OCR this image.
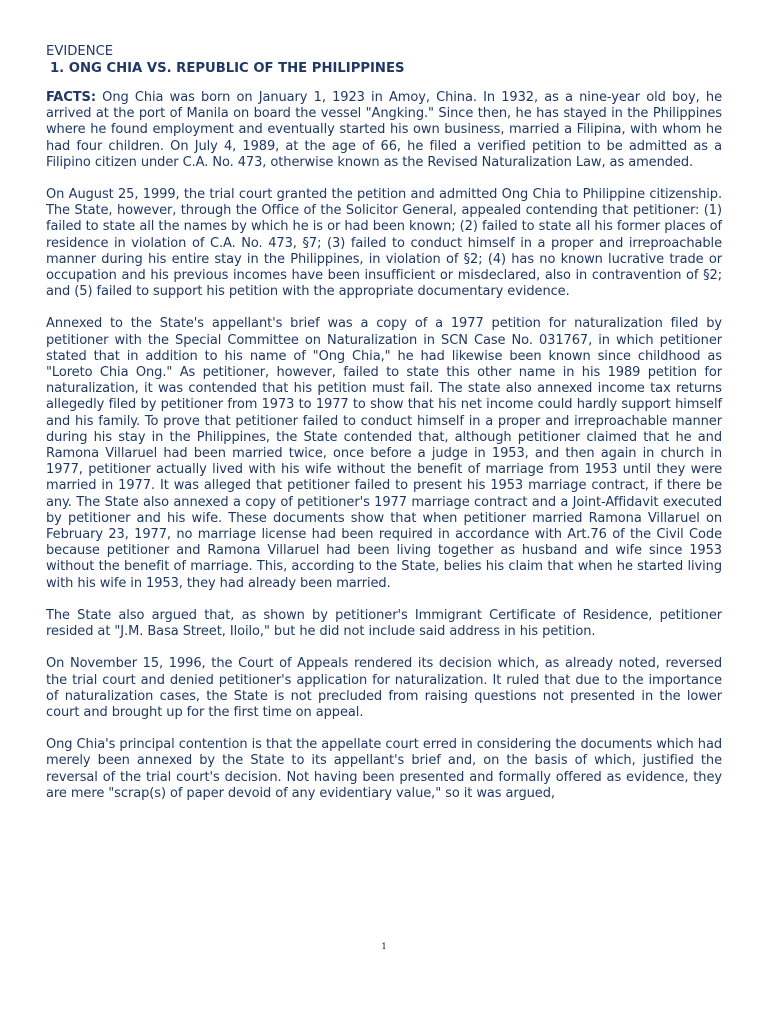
EVIDENCE
1. ONG CHIA VS. REPUBLIC OF THE PHILIPPINES

FACTS: Ong Chia was born on January 1, 1923 in Amoy, China. In 1932, as a nine-year old boy, he arrived at the port of Manila on board the vessel "Angking." Since then, he has stayed in the Philippines where he found employment and eventually started his own business, married a Filipina, with whom he had four children. On July 4, 1989, at the age of 66, he filed a verified petition to be admitted as a Filipino citizen under C.A. No. 473, otherwise known as the Revised Naturalization Law, as amended.

On August 25, 1999, the trial court granted the petition and admitted Ong Chia to Philippine citizenship. The State, however, through the Office of the Solicitor General, appealed contending that petitioner: (1) failed to state all the names by which he is or had been known; (2) failed to state all his former places of residence in violation of C.A. No. 473, §7; (3) failed to conduct himself in a proper and irreproachable manner during his entire stay in the Philippines, in violation of §2; (4) has no known lucrative trade or occupation and his previous incomes have been insufficient or misdeclared, also in contravention of §2; and (5) failed to support his petition with the appropriate documentary evidence.

Annexed to the State's appellant's brief was a copy of a 1977 petition for naturalization filed by petitioner with the Special Committee on Naturalization in SCN Case No. 031767, in which petitioner stated that in addition to his name of "Ong Chia," he had likewise been known since childhood as "Loreto Chia Ong." As petitioner, however, failed to state this other name in his 1989 petition for naturalization, it was contended that his petition must fail. The state also annexed income tax returns allegedly filed by petitioner from 1973 to 1977 to show that his net income could hardly support himself and his family. To prove that petitioner failed to conduct himself in a proper and irreproachable manner during his stay in the Philippines, the State contended that, although petitioner claimed that he and Ramona Villaruel had been married twice, once before a judge in 1953, and then again in church in 1977, petitioner actually lived with his wife without the benefit of marriage from 1953 until they were married in 1977. It was alleged that petitioner failed to present his 1953 marriage contract, if there be any. The State also annexed a copy of petitioner's 1977 marriage contract and a Joint-Affidavit executed by petitioner and his wife. These documents show that when petitioner married Ramona Villaruel on February 23, 1977, no marriage license had been required in accordance with Art.76 of the Civil Code because petitioner and Ramona Villaruel had been living together as husband and wife since 1953 without the benefit of marriage. This, according to the State, belies his claim that when he started living with his wife in 1953, they had already been married.

The State also argued that, as shown by petitioner's Immigrant Certificate of Residence, petitioner resided at "J.M. Basa Street, Iloilo," but he did not include said address in his petition.

On November 15, 1996, the Court of Appeals rendered its decision which, as already noted, reversed the trial court and denied petitioner's application for naturalization. It ruled that due to the importance of naturalization cases, the State is not precluded from raising questions not presented in the lower court and brought up for the first time on appeal.

Ong Chia's principal contention is that the appellate court erred in considering the documents which had merely been annexed by the State to its appellant's brief and, on the basis of which, justified the reversal of the trial court's decision. Not having been presented and formally offered as evidence, they are mere "scrap(s) of paper devoid of any evidentiary value," so it was argued,

1
